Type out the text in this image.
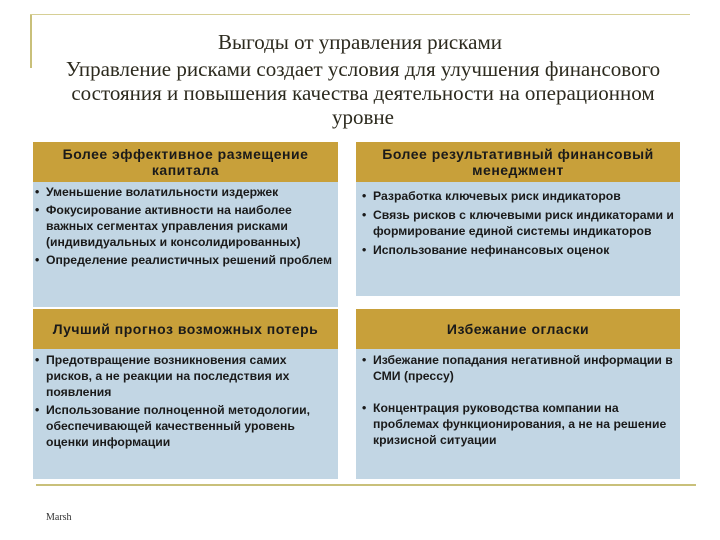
Выгоды от управления рисками
Управление рисками создает условия для улучшения финансового состояния и повышения качества деятельности на операционном уровне
Более эффективное размещение капитала
• Уменьшение волатильности издержек
• Фокусирование активности на наиболее важных сегментах управления рисками (индивидуальных и консолидированных)
• Определение реалистичных решений проблем
Более результативный финансовый менеджмент
• Разработка ключевых риск индикаторов
• Связь рисков с ключевыми риск индикаторами и формирование единой системы индикаторов
• Использование нефинансовых оценок
Лучший прогноз возможных потерь
• Предотвращение возникновения самих рисков, а не реакции на последствия их появления
• Использование полноценной методологии, обеспечивающей качественный уровень оценки информации
Избежание огласки
• Избежание попадания негативной информации в СМИ (прессу)
• Концентрация руководства компании на проблемах функционирования, а не на решение кризисной ситуации
Marsh
